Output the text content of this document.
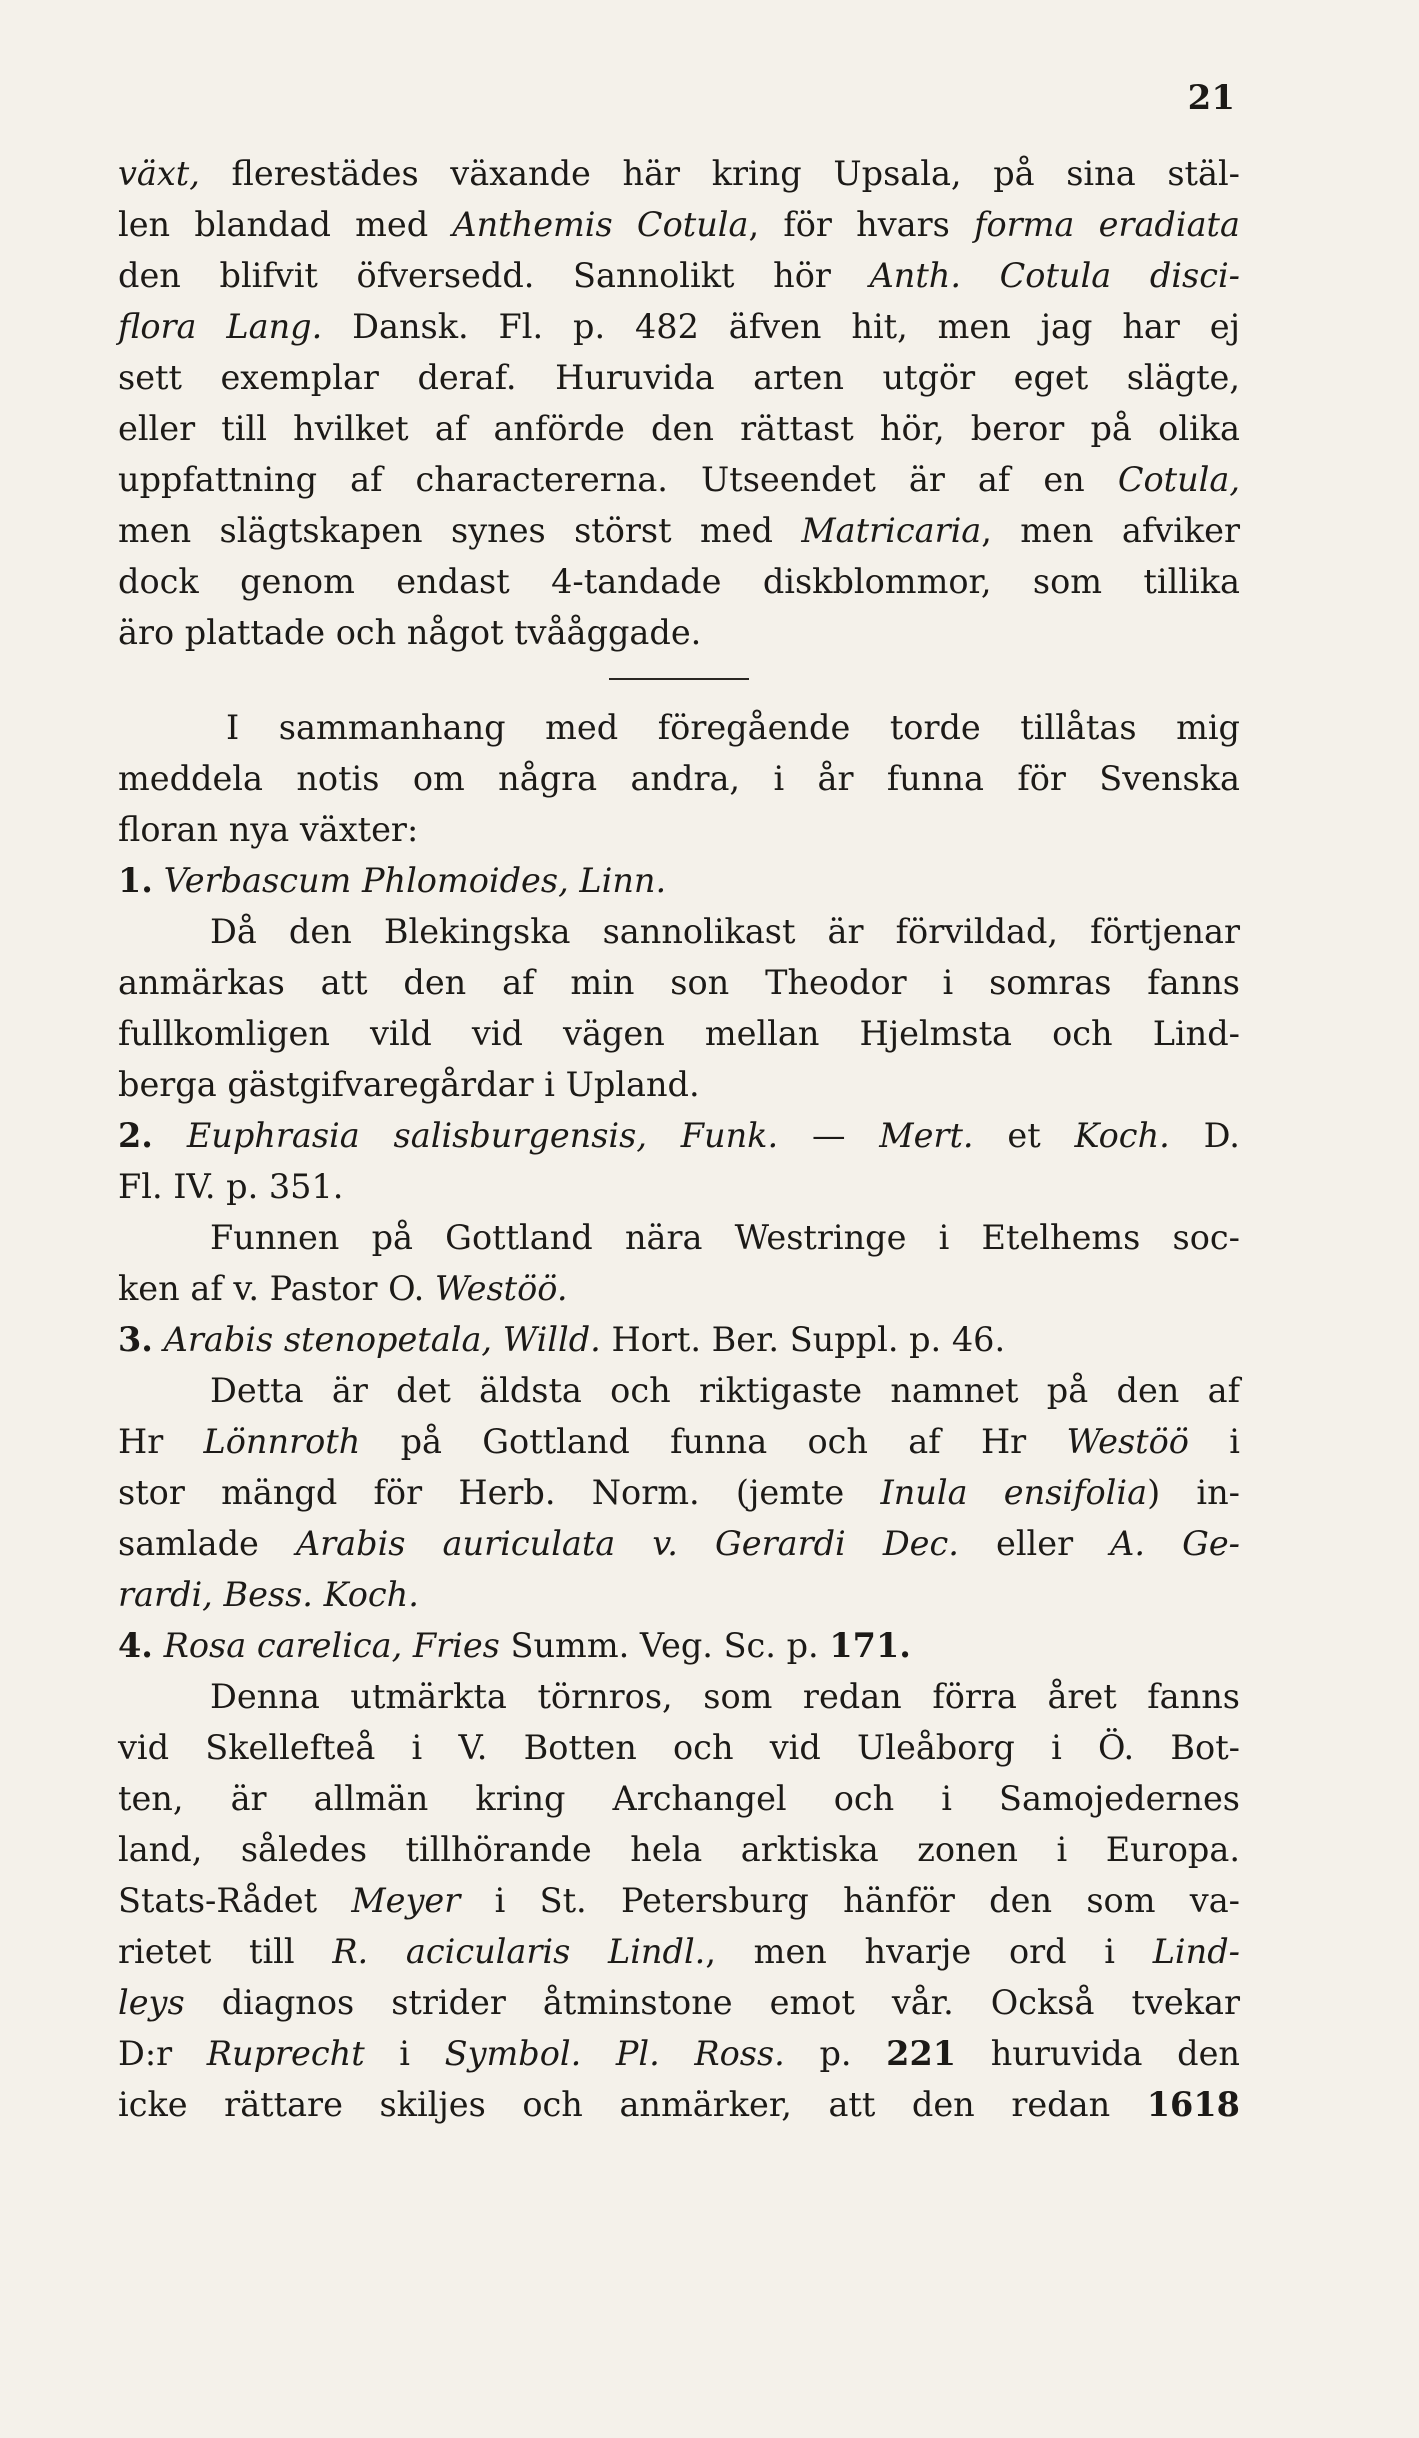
21
växt, flerestädes växande här kring Upsala, på sina stäl-
len blandad med Anthemis Cotula, för hvars forma eradiata
den blifvit öfversedd. Sannolikt hör Anth. Cotula disci-
flora Lang. Dansk. Fl. p. 482 äfven hit, men jag har ej
sett exemplar deraf. Huruvida arten utgör eget slägte,
eller till hvilket af anförde den rättast hör, beror på olika
uppfattning af charactererna. Utseendet är af en Cotula,
men slägtskapen synes störst med Matricaria, men afviker
dock genom endast 4-tandade diskblommor, som tillika
äro plattade och något tvååggade.
I sammanhang med föregående torde tillåtas mig
meddela notis om några andra, i år funna för Svenska
floran nya växter:
1. Verbascum Phlomoides, Linn.
Då den Blekingska sannolikast är förvildad, förtjenar
anmärkas att den af min son Theodor i somras fanns
fullkomligen vild vid vägen mellan Hjelmsta och Lind-
berga gästgifvaregårdar i Upland.
2. Euphrasia salisburgensis, Funk. — Mert. et Koch. D.
Fl. IV. p. 351.
Funnen på Gottland nära Westringe i Etelhems soc-
ken af v. Pastor O. Westöö.
3. Arabis stenopetala, Willd. Hort. Ber. Suppl. p. 46.
Detta är det äldsta och riktigaste namnet på den af
Hr Lönnroth på Gottland funna och af Hr Westöö i
stor mängd för Herb. Norm. (jemte Inula ensifolia) in-
samlade Arabis auriculata v. Gerardi Dec. eller A. Ge-
rardi, Bess. Koch.
4. Rosa carelica, Fries Summ. Veg. Sc. p. 171.
Denna utmärkta törnros, som redan förra året fanns
vid Skellefteå i V. Botten och vid Uleåborg i Ö. Bot-
ten, är allmän kring Archangel och i Samojedernes
land, således tillhörande hela arktiska zonen i Europa.
Stats-Rådet Meyer i St. Petersburg hänför den som va-
rietet till R. acicularis Lindl., men hvarje ord i Lind-
leys diagnos strider åtminstone emot vår. Också tvekar
D:r Ruprecht i Symbol. Pl. Ross. p. 221 huruvida den
icke rättare skiljes och anmärker, att den redan 1618
